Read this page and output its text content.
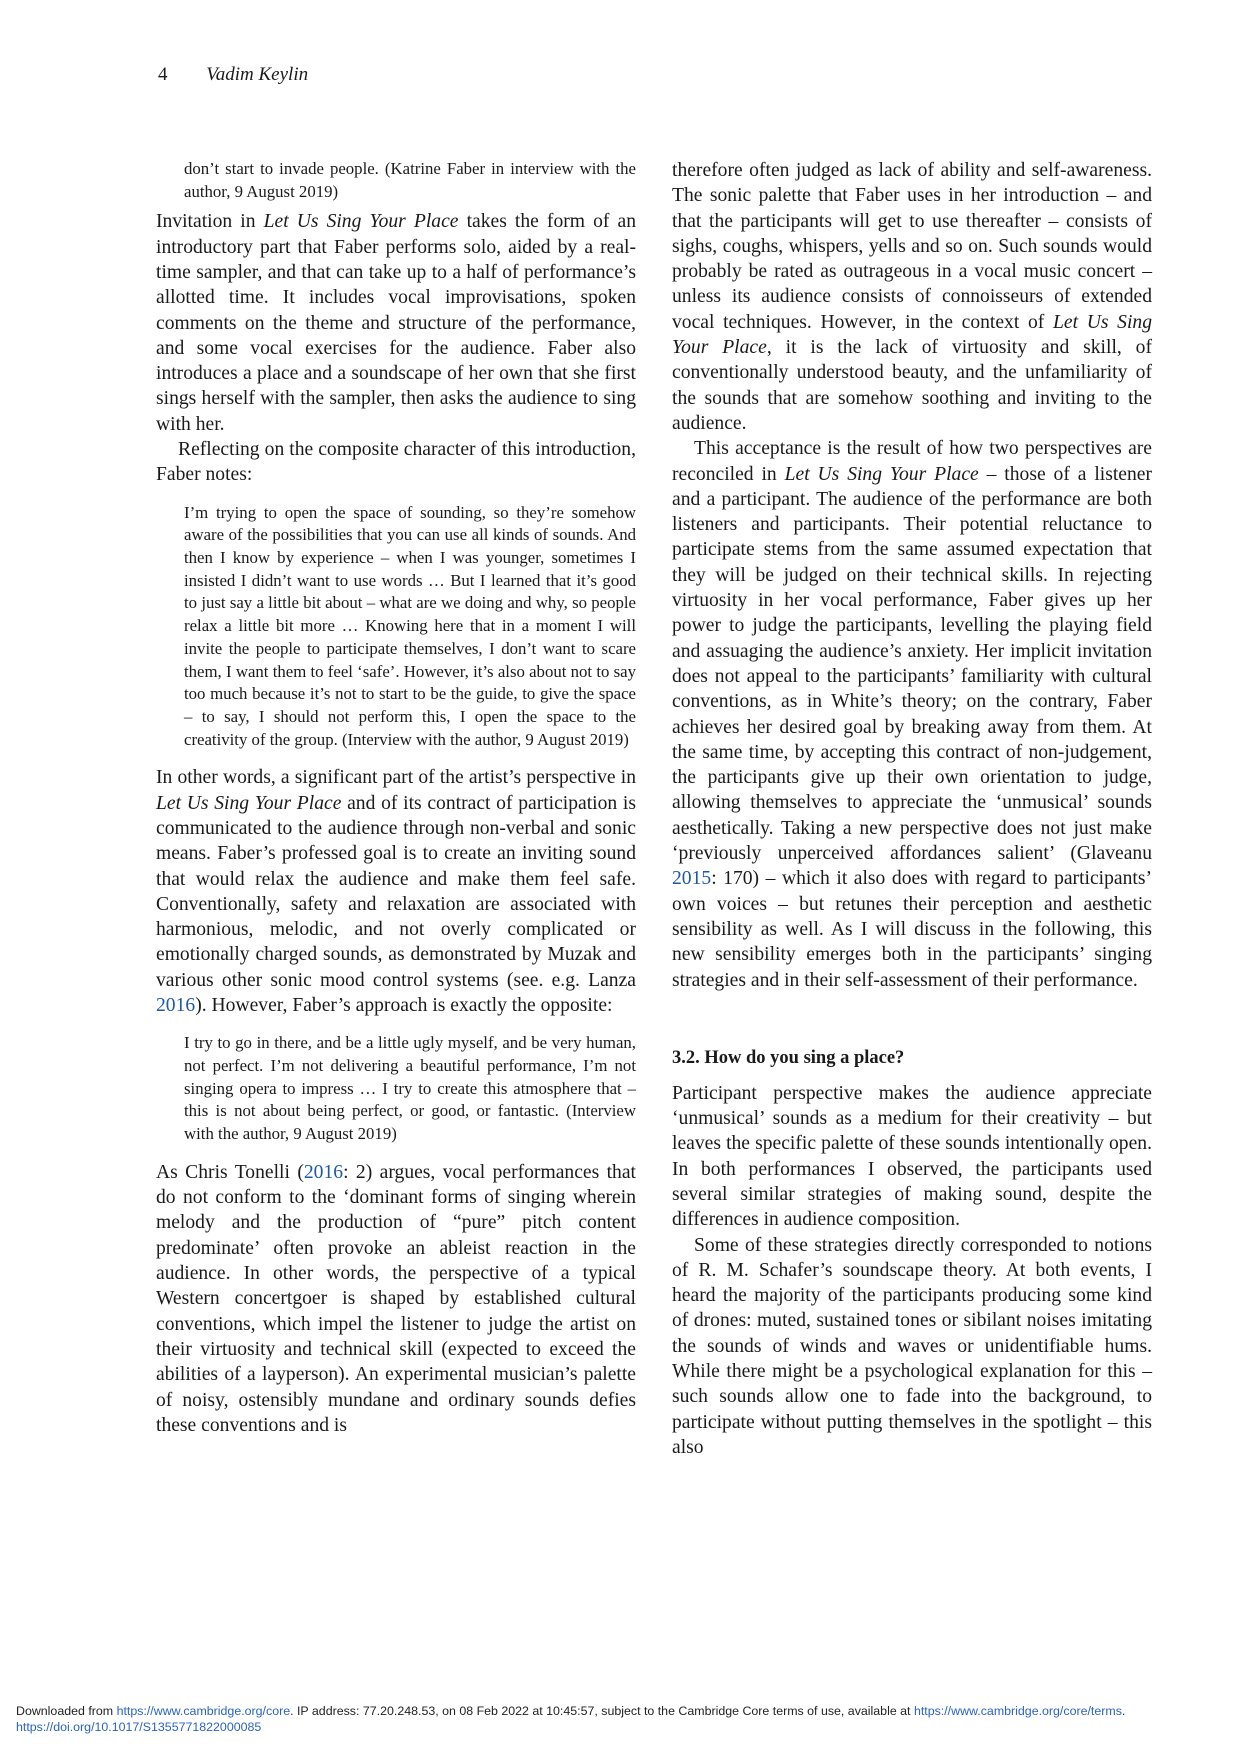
4 Vadim Keylin
don’t start to invade people. (Katrine Faber in interview with the author, 9 August 2019)

Invitation in Let Us Sing Your Place takes the form of an introductory part that Faber performs solo, aided by a real-time sampler, and that can take up to a half of performance’s allotted time. It includes vocal improvisations, spoken comments on the theme and structure of the performance, and some vocal exercises for the audience. Faber also introduces a place and a soundscape of her own that she first sings herself with the sampler, then asks the audience to sing with her.

Reflecting on the composite character of this introduction, Faber notes:

I’m trying to open the space of sounding, so they’re somehow aware of the possibilities that you can use all kinds of sounds. And then I know by experience – when I was younger, sometimes I insisted I didn’t want to use words … But I learned that it’s good to just say a little bit about – what are we doing and why, so people relax a little bit more … Knowing here that in a moment I will invite the people to participate themselves, I don’t want to scare them, I want them to feel ‘safe’. However, it’s also about not to say too much because it’s not to start to be the guide, to give the space – to say, I should not perform this, I open the space to the creativity of the group. (Interview with the author, 9 August 2019)

In other words, a significant part of the artist’s perspective in Let Us Sing Your Place and of its contract of participation is communicated to the audience through non-verbal and sonic means. Faber’s professed goal is to create an inviting sound that would relax the audience and make them feel safe. Conventionally, safety and relaxation are associated with harmonious, melodic, and not overly complicated or emotionally charged sounds, as demonstrated by Muzak and various other sonic mood control systems (see. e.g. Lanza 2016). However, Faber’s approach is exactly the opposite:

I try to go in there, and be a little ugly myself, and be very human, not perfect. I’m not delivering a beautiful performance, I’m not singing opera to impress … I try to create this atmosphere that – this is not about being perfect, or good, or fantastic. (Interview with the author, 9 August 2019)

As Chris Tonelli (2016: 2) argues, vocal performances that do not conform to the ‘dominant forms of singing wherein melody and the production of “pure” pitch content predominate’ often provoke an ableist reaction in the audience. In other words, the perspective of a typical Western concertgoer is shaped by established cultural conventions, which impel the listener to judge the artist on their virtuosity and technical skill (expected to exceed the abilities of a layperson). An experimental musician’s palette of noisy, ostensibly mundane and ordinary sounds defies these conventions and is

therefore often judged as lack of ability and self-awareness. The sonic palette that Faber uses in her introduction – and that the participants will get to use thereafter – consists of sighs, coughs, whispers, yells and so on. Such sounds would probably be rated as outrageous in a vocal music concert – unless its audience consists of connoisseurs of extended vocal techniques. However, in the context of Let Us Sing Your Place, it is the lack of virtuosity and skill, of conventionally understood beauty, and the unfamiliarity of the sounds that are somehow soothing and inviting to the audience.

This acceptance is the result of how two perspectives are reconciled in Let Us Sing Your Place – those of a listener and a participant. The audience of the performance are both listeners and participants. Their potential reluctance to participate stems from the same assumed expectation that they will be judged on their technical skills. In rejecting virtuosity in her vocal performance, Faber gives up her power to judge the participants, levelling the playing field and assuaging the audience’s anxiety. Her implicit invitation does not appeal to the participants’ familiarity with cultural conventions, as in White’s theory; on the contrary, Faber achieves her desired goal by breaking away from them. At the same time, by accepting this contract of non-judgement, the participants give up their own orientation to judge, allowing themselves to appreciate the ‘unmusical’ sounds aesthetically. Taking a new perspective does not just make ‘previously unperceived affordances salient’ (Glaveanu 2015: 170) – which it also does with regard to participants’ own voices – but retunes their perception and aesthetic sensibility as well. As I will discuss in the following, this new sensibility emerges both in the participants’ singing strategies and in their self-assessment of their performance.

3.2. How do you sing a place?

Participant perspective makes the audience appreciate ‘unmusical’ sounds as a medium for their creativity – but leaves the specific palette of these sounds intentionally open. In both performances I observed, the participants used several similar strategies of making sound, despite the differences in audience composition.

Some of these strategies directly corresponded to notions of R. M. Schafer’s soundscape theory. At both events, I heard the majority of the participants producing some kind of drones: muted, sustained tones or sibilant noises imitating the sounds of winds and waves or unidentifiable hums. While there might be a psychological explanation for this – such sounds allow one to fade into the background, to participate without putting themselves in the spotlight – this also

Downloaded from https://www.cambridge.org/core. IP address: 77.20.248.53, on 08 Feb 2022 at 10:45:57, subject to the Cambridge Core terms of use, available at https://www.cambridge.org/core/terms.
https://doi.org/10.1017/S1355771822000085
